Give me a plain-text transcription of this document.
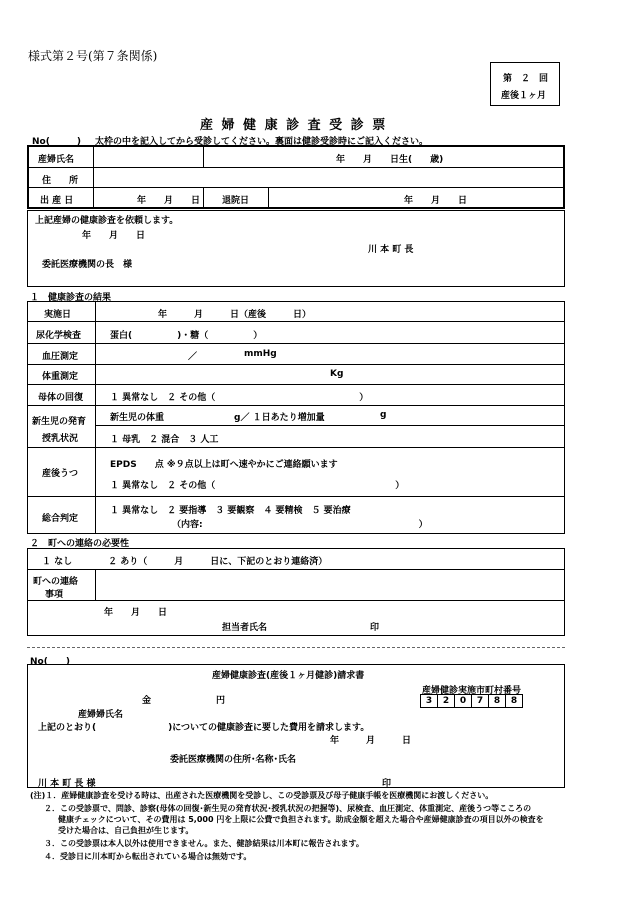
様式第２号(第７条関係)
第　２　回
産後１ヶ月
産 婦 健 康 診 査 受 診 票
No(　　　) 太枠の中を記入してから受診してください。裏面は健診受診時にご記入ください。
産婦氏名	年　　月　　日生(　　歳)
住　　所
出 産 日	年　　月　　日 退院日	年　　月　　日
上記産婦の健康診査を依頼します。
年　　月　　日
川 本 町 長
委託医療機関の長　様
１　健康診査の結果
実施日	年　　　月　　　日（産後　　　日）
尿化学検査	蛋白(　　　　　)・糖（　　　　　）
血圧測定	／	mmHg
体重測定	Kg
母体の回復	１ 異常なし　２ その他（　　　　　　　　　　　　　　　　）
新生児の発育
授乳状況
新生児の体重	g／ １日あたり増加量	g
１ 母乳　２ 混合　３ 人工
産後うつ
EPDS　　点 ※９点以上は町へ速やかにご連絡願います
１ 異常なし　２ その他（　　　　　　　　　　　　　　　　　　　　）
総合判定
１ 異常なし　２ 要指導　３ 要観察　４ 要精検　５ 要治療
（内容:　　　　　　　　　　　　　　　　　　　　　　　　）
２　町への連絡の必要性
１ なし　　　　２ あり（　　　月　　　日に、下記のとおり連絡済）
町への連絡
事項
年　　月　　日
担当者氏名	印
No(　　)
産婦健康診査(産後１ヶ月健診)請求書
産婦健診実施市町村番号
3	2	0	7	8	8
金	円
産婦婦氏名
上記のとおり(　　　　　　　　)についての健康診査に要した費用を請求します。
年　　　月　　　日
委託医療機関の住所･名称･氏名
川 本 町 長 様	印
(注)１．産婦健康診査を受ける時は、出産された医療機関を受診し、この受診票及び母子健康手帳を医療機関にお渡しください。
２．この受診票で、問診、診察(母体の回復･新生児の発育状況･授乳状況の把握等)、尿検査、血圧測定、体重測定、産後うつ等こころの
健康チェックについて、その費用は 5,000 円を上限に公費で負担されます。助成金額を超えた場合や産婦健康診査の項目以外の検査を
受けた場合は、自己負担が生じます。
３．この受診票は本人以外は使用できません。また、健診結果は川本町に報告されます。
４．受診日に川本町から転出されている場合は無効です。
